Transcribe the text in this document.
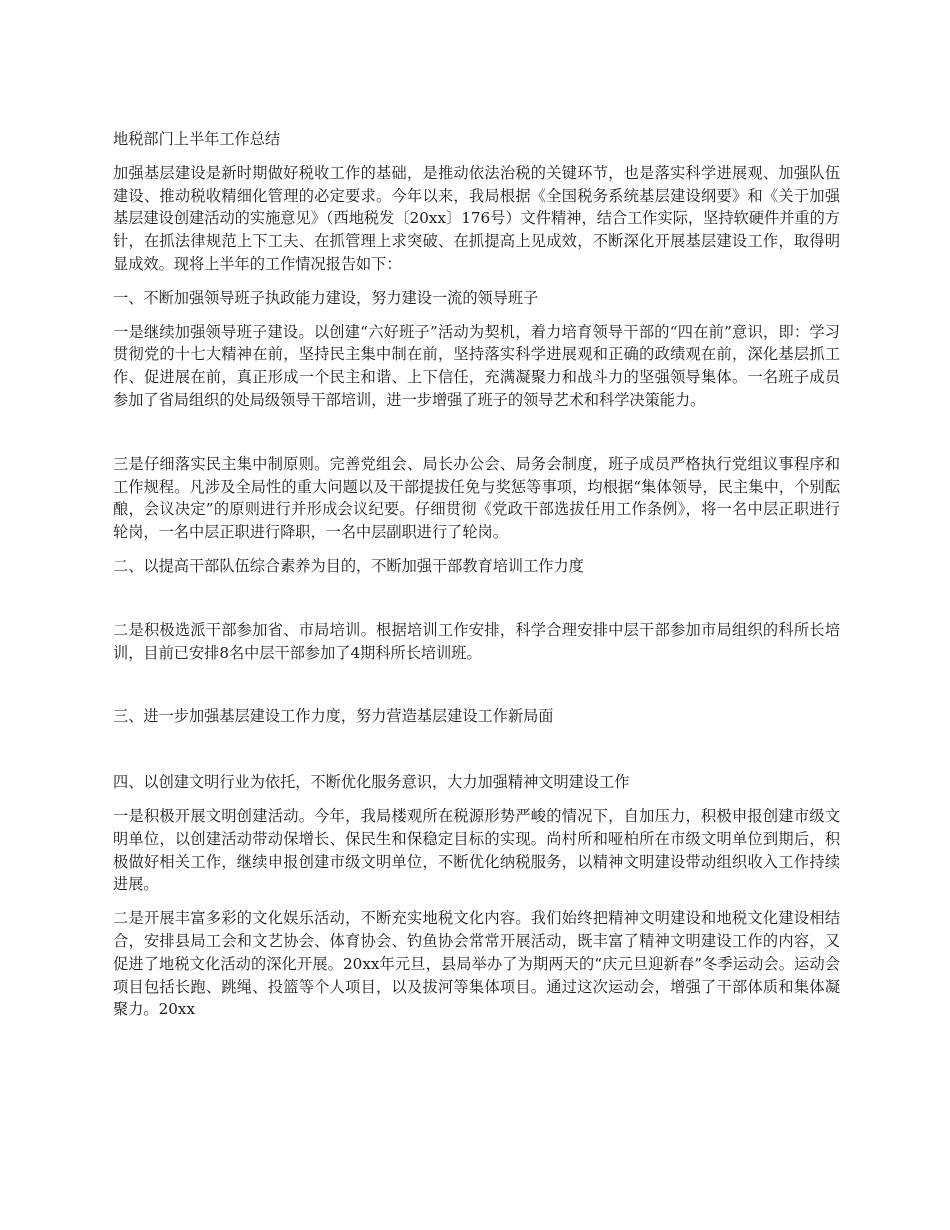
地税部门上半年工作总结

加强基层建设是新时期做好税收工作的基础，是推动依法治税的关键环节，也是落实科学进展观、加强队伍建设、推动税收精细化管理的必定要求。今年以来，我局根据《全国税务系统基层建设纲要》和《关于加强基层建设创建活动的实施意见》（西地税发〔20xx〕176号）文件精神，结合工作实际，坚持软硬件并重的方针，在抓法律规范上下工夫、在抓管理上求突破、在抓提高上见成效，不断深化开展基层建设工作，取得明显成效。现将上半年的工作情况报告如下：

一、不断加强领导班子执政能力建设，努力建设一流的领导班子

一是继续加强领导班子建设。以创建“六好班子”活动为契机，着力培育领导干部的“四在前”意识，即：学习贯彻党的十七大精神在前，坚持民主集中制在前，坚持落实科学进展观和正确的政绩观在前，深化基层抓工作、促进展在前，真正形成一个民主和谐、上下信任，充满凝聚力和战斗力的坚强领导集体。一名班子成员参加了省局组织的处局级领导干部培训，进一步增强了班子的领导艺术和科学决策能力。

三是仔细落实民主集中制原则。完善党组会、局长办公会、局务会制度，班子成员严格执行党组议事程序和工作规程。凡涉及全局性的重大问题以及干部提拔任免与奖惩等事项，均根据“集体领导，民主集中，个别酝酿，会议决定”的原则进行并形成会议纪要。仔细贯彻《党政干部选拔任用工作条例》，将一名中层正职进行轮岗，一名中层正职进行降职，一名中层副职进行了轮岗。

二、以提高干部队伍综合素养为目的，不断加强干部教育培训工作力度

二是积极选派干部参加省、市局培训。根据培训工作安排，科学合理安排中层干部参加市局组织的科所长培训，目前已安排8名中层干部参加了4期科所长培训班。

三、进一步加强基层建设工作力度，努力营造基层建设工作新局面

四、以创建文明行业为依托，不断优化服务意识，大力加强精神文明建设工作

一是积极开展文明创建活动。今年，我局楼观所在税源形势严峻的情况下，自加压力，积极申报创建市级文明单位，以创建活动带动保增长、保民生和保稳定目标的实现。尚村所和哑柏所在市级文明单位到期后，积极做好相关工作，继续申报创建市级文明单位，不断优化纳税服务，以精神文明建设带动组织收入工作持续进展。

二是开展丰富多彩的文化娱乐活动，不断充实地税文化内容。我们始终把精神文明建设和地税文化建设相结合，安排县局工会和文艺协会、体育协会、钓鱼协会常常开展活动，既丰富了精神文明建设工作的内容，又促进了地税文化活动的深化开展。20xx年元旦，县局举办了为期两天的“庆元旦迎新春”冬季运动会。运动会项目包括长跑、跳绳、投篮等个人项目，以及拔河等集体项目。通过这次运动会，增强了干部体质和集体凝聚力。20xx
